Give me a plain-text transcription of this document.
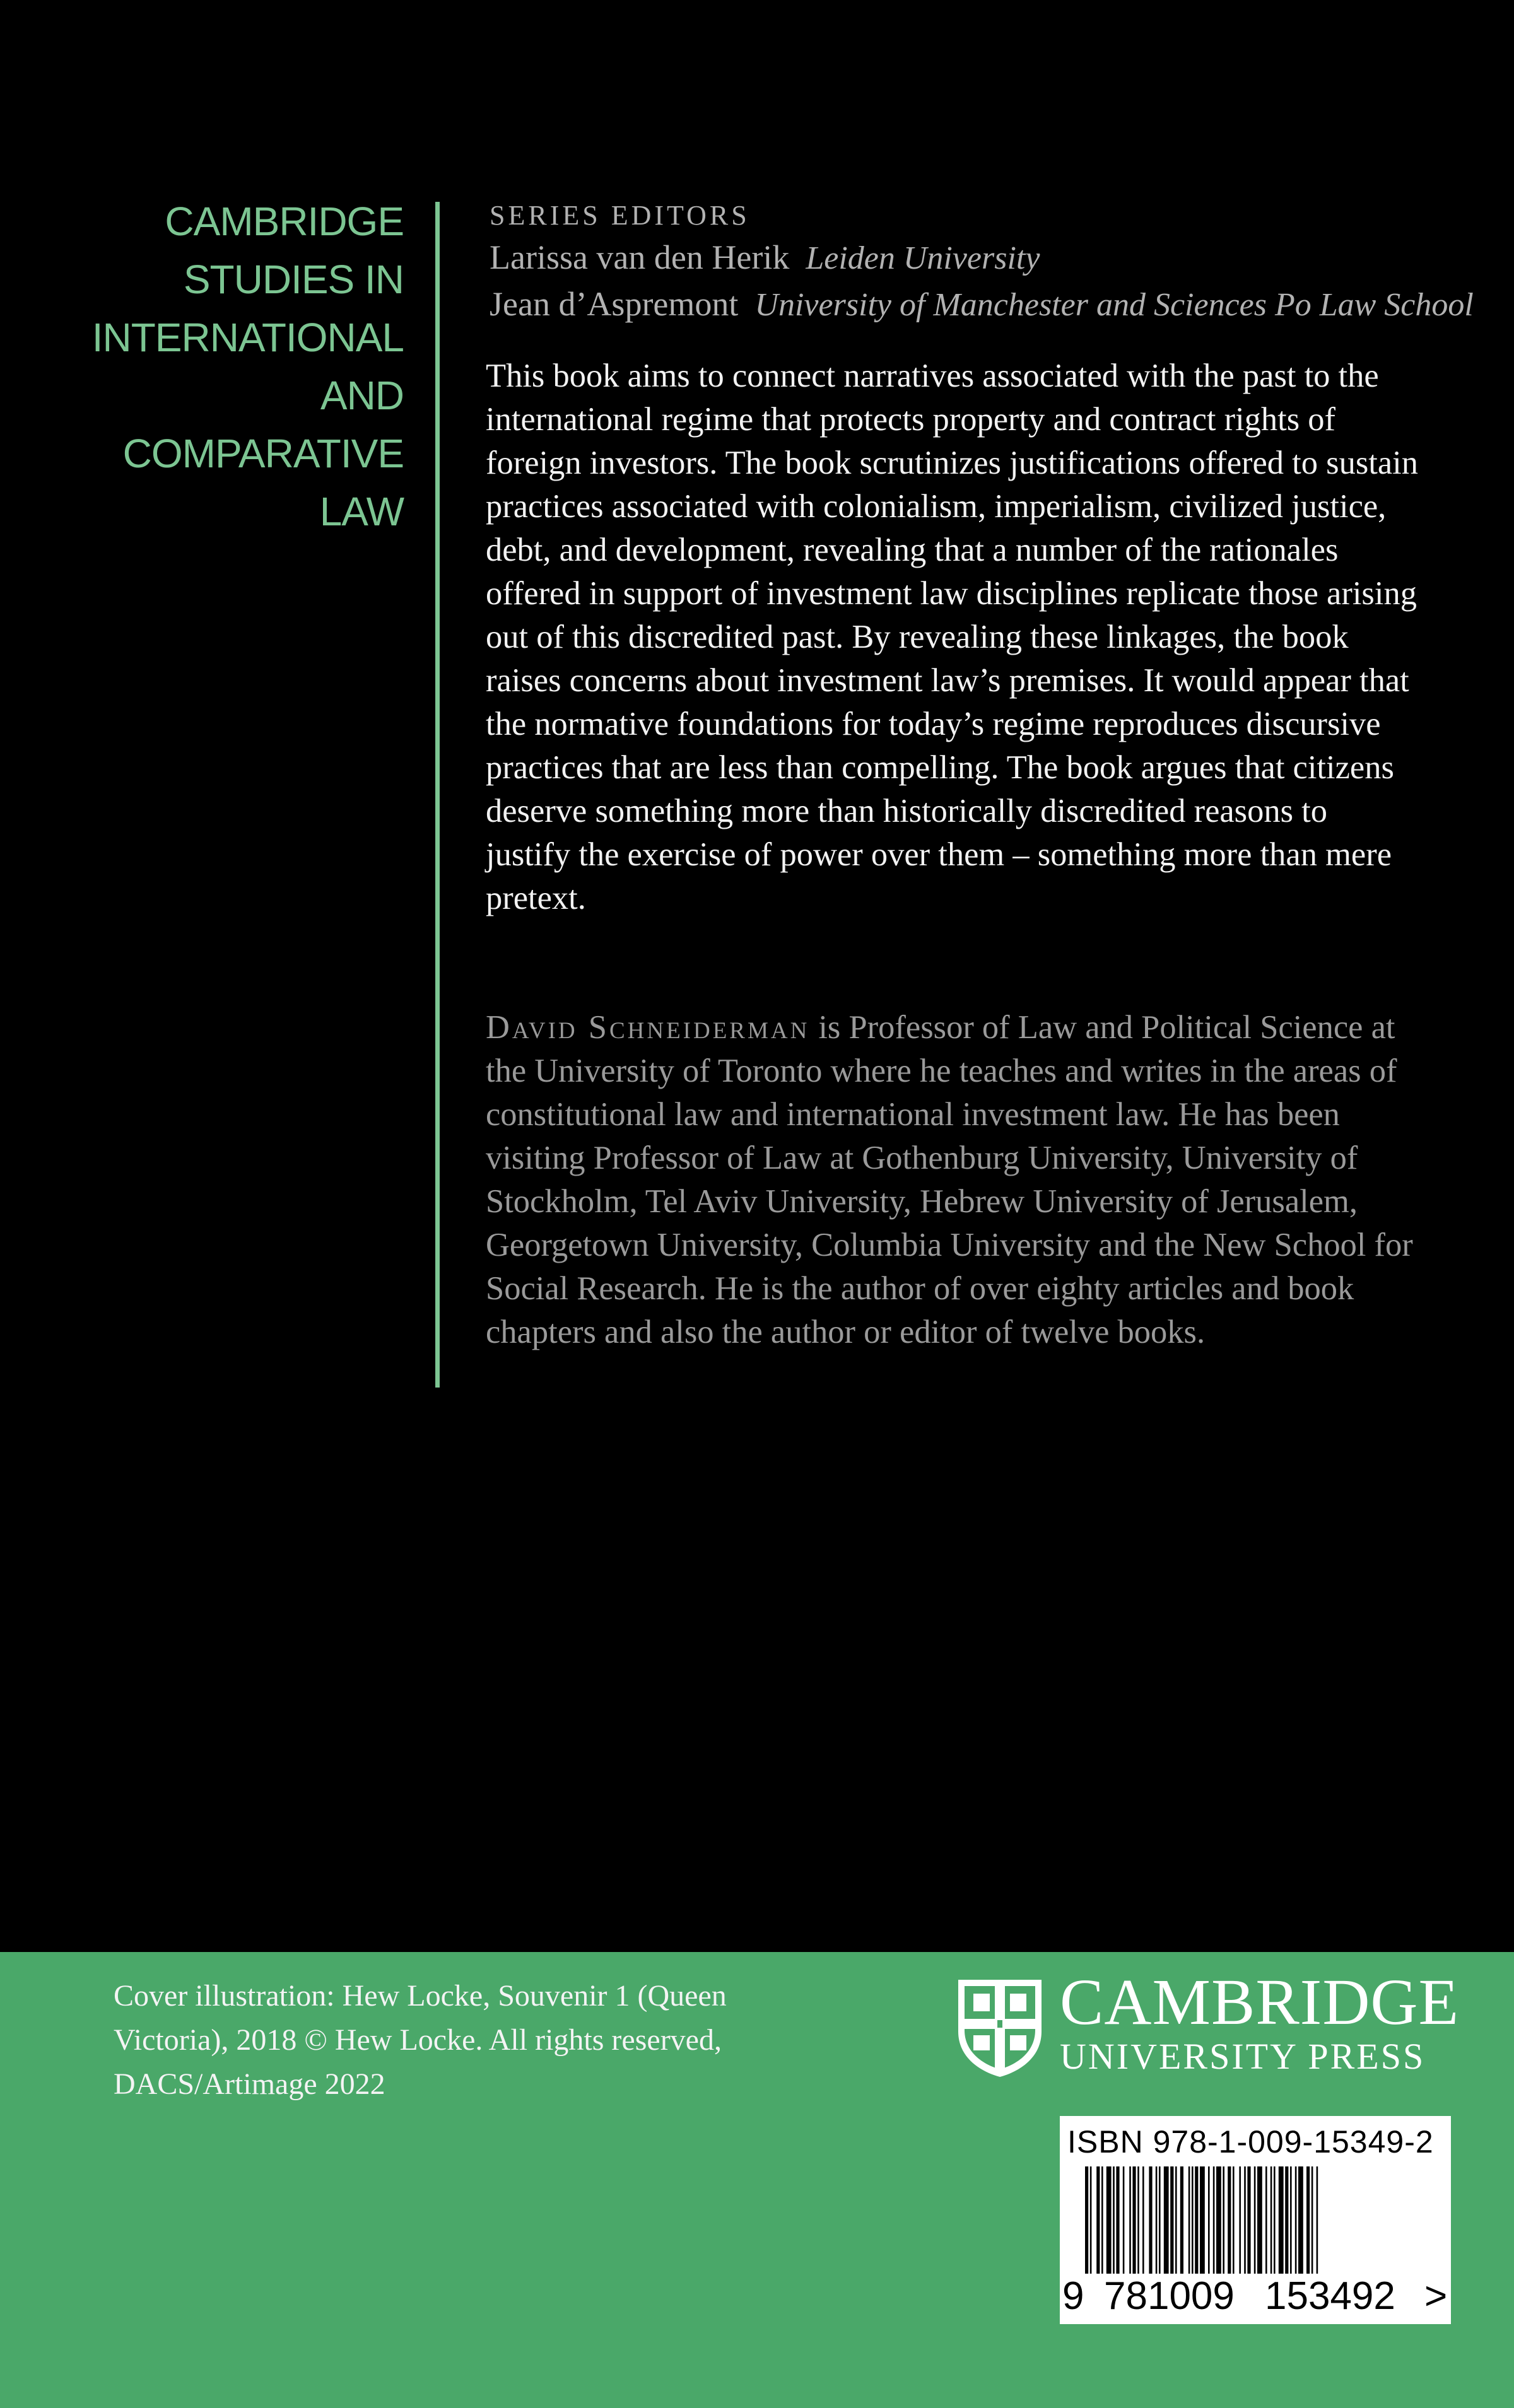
CAMBRIDGE
STUDIES IN
INTERNATIONAL
AND
COMPARATIVE
LAW
SERIES EDITORS
Larissa van den Herik Leiden University
Jean d’Aspremont University of Manchester and Sciences Po Law School

This book aims to connect narratives associated with the past to the international regime that protects property and contract rights of foreign investors. The book scrutinizes justifications offered to sustain practices associated with colonialism, imperialism, civilized justice, debt, and development, revealing that a number of the rationales offered in support of investment law disciplines replicate those arising out of this discredited past. By revealing these linkages, the book raises concerns about investment law’s premises. It would appear that the normative foundations for today’s regime reproduces discursive practices that are less than compelling. The book argues that citizens deserve something more than historically discredited reasons to justify the exercise of power over them – something more than mere pretext.

David Schneiderman is Professor of Law and Political Science at the University of Toronto where he teaches and writes in the areas of constitutional law and international investment law. He has been visiting Professor of Law at Gothenburg University, University of Stockholm, Tel Aviv University, Hebrew University of Jerusalem, Georgetown University, Columbia University and the New School for Social Research. He is the author of over eighty articles and book chapters and also the author or editor of twelve books.

Cover illustration: Hew Locke, Souvenir 1 (Queen
Victoria), 2018 © Hew Locke. All rights reserved,
DACS/Artimage 2022
CAMBRIDGE
UNIVERSITY PRESS
ISBN 978-1-009-15349-2
9 781009 153492 >
